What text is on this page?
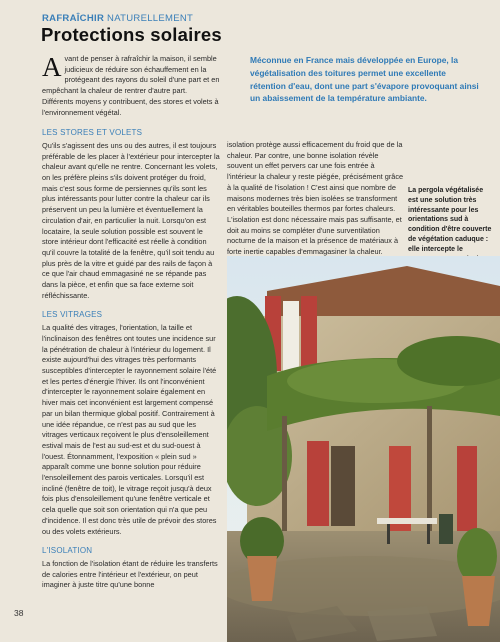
RAFRAÎCHIR NATURELLEMENT
Protections solaires

Avant de penser à rafraîchir la maison, il semble judicieux de réduire son échauffement en la protégeant des rayons du soleil d'une part et en empêchant la chaleur de rentrer d'autre part. Différents moyens y contribuent, des stores et volets à l'environnement végétal.

LES STORES ET VOLETS

Qu'ils s'agissent des uns ou des autres, il est toujours préférable de les placer à l'extérieur pour intercepter la chaleur avant qu'elle ne rentre. Concernant les volets, on les préfère pleins s'ils doivent protéger du froid, mais c'est sous forme de persiennes qu'ils sont les plus intéressants pour lutter contre la chaleur car ils préservent un peu la lumière et éventuellement la circulation d'air, en particulier la nuit. Lorsqu'on est locataire, la seule solution possible est souvent le store intérieur dont l'efficacité est réelle à condition qu'il couvre la totalité de la fenêtre, qu'il soit tendu au plus près de la vitre et guidé par des rails de façon à ce que l'air chaud emmagasiné ne se répande pas dans la pièce, et enfin que sa face externe soit réfléchissante.

LES VITRAGES

La qualité des vitrages, l'orientation, la taille et l'inclinaison des fenêtres ont toutes une incidence sur la pénétration de chaleur à l'intérieur du logement. Il existe aujourd'hui des vitrages très performants susceptibles d'intercepter le rayonnement solaire l'été et les pertes d'énergie l'hiver. Ils ont l'inconvénient d'intercepter le rayonnement solaire également en hiver mais cet inconvénient est largement compensé par un bilan thermique global positif. Contrairement à une idée répandue, ce n'est pas au sud que les vitrages verticaux reçoivent le plus d'ensoleillement estival mais de l'est au sud-est et du sud-ouest à l'ouest. Étonnamment, l'exposition « plein sud » apparaît comme une bonne solution pour réduire l'ensoleillement des parois verticales. Lorsqu'il est incliné (fenêtre de toit), le vitrage reçoit jusqu'à deux fois plus d'ensoleillement qu'une fenêtre verticale et cela quelle que soit son orientation qui n'a que peu d'incidence. Il est donc très utile de prévoir des stores ou des volets extérieurs.

L'ISOLATION

La fonction de l'isolation étant de réduire les transferts de calories entre l'intérieur et l'extérieur, on peut imaginer à juste titre qu'une bonne

Méconnue en France mais développée en Europe, la végétalisation des toitures permet une excellente rétention d'eau, dont une part s'évapore provoquant ainsi un abaissement de la température ambiante.

isolation protège aussi efficacement du froid que de la chaleur. Par contre, une bonne isolation révèle souvent un effet pervers car une fois entrée à l'intérieur la chaleur y reste piégée, précisément grâce à la qualité de l'isolation ! C'est ainsi que nombre de maisons modernes très bien isolées se transforment en véritables bouteilles thermos par fortes chaleurs. L'isolation est donc nécessaire mais pas suffisante, et doit au moins se compléter d'une surventilation nocturne de la maison et la présence de matériaux à forte inertie capables d'emmagasiner la chaleur.

La pergola végétalisée est une solution très intéressante pour les orientations sud à condition d'être couverte de végétation caduque : elle intercepte le
38
